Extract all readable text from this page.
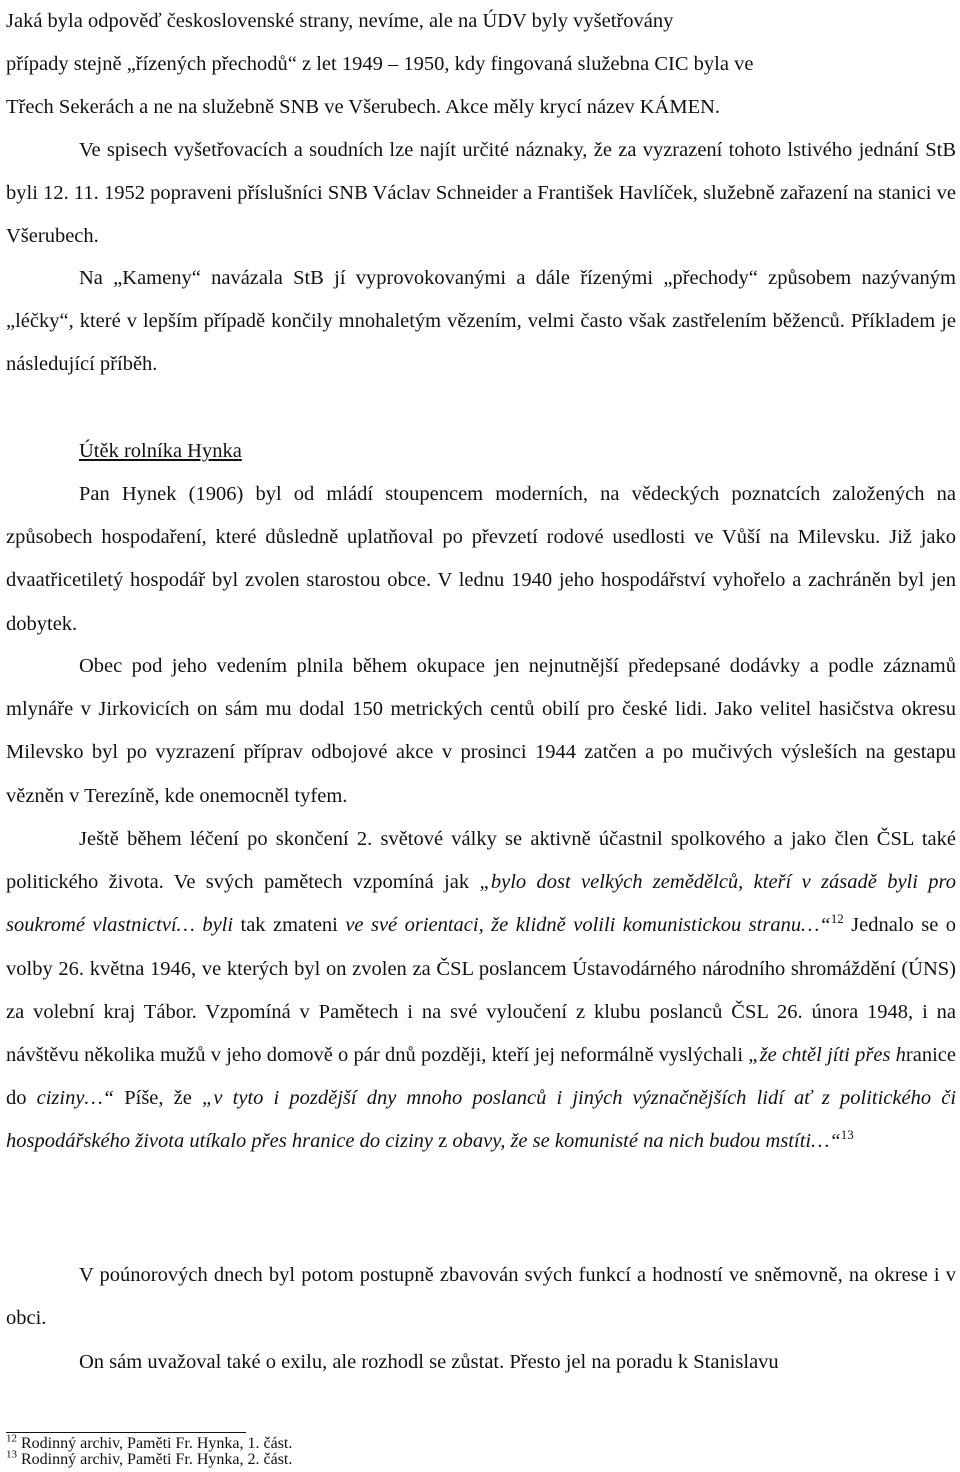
Jaká byla odpověď československé strany, nevíme, ale na ÚDV byly vyšetřovány
případy stejně „řízených přechodů“ z let 1949 – 1950, kdy fingovaná služebna CIC byla ve
Třech Sekerách a ne na služebně SNB ve Všerubech. Akce měly krycí název KÁMEN.

Ve spisech vyšetřovacích a soudních lze najít určité náznaky, že za vyzrazení tohoto lstivého jednání StB byli 12. 11. 1952 popraveni příslušníci SNB Václav Schneider a František Havlíček, služebně zařazení na stanici ve Všerubech.

Na „Kameny“ navázala StB jí vyprovokovanými a dále řízenými „přechody“ způsobem nazývaným „léčky“, které v lepším případě končily mnohaletým vězením, velmi často však zastřelením běženců. Příkladem je následující příběh.

Útěk rolníka Hynka

Pan Hynek (1906) byl od mládí stoupencem moderních, na vědeckých poznatcích založených na způsobech hospodaření, které důsledně uplatňoval po převzetí rodové usedlosti ve Vůší na Milevsku. Již jako dvaatřicetiletý hospodář byl zvolen starostou obce. V lednu 1940 jeho hospodářství vyhořelo a zachráněn byl jen dobytek.

Obec pod jeho vedením plnila během okupace jen nejnutnější předepsané dodávky a podle záznamů mlynáře v Jirkovicích on sám mu dodal 150 metrických centů obilí pro české lidi. Jako velitel hasičstva okresu Milevsko byl po vyzrazení příprav odbojové akce v prosinci 1944 zatčen a po mučivých výsleších na gestapu vězněn v Terezíně, kde onemocněl tyfem.

Ještě během léčení po skončení 2. světové války se aktivně účastnil spolkového a jako člen ČSL také politického života. Ve svých pamětech vzpomíná jak „bylo dost velkých zemědělců, kteří v zásadě byli pro soukromé vlastnictví… byli tak zmateni ve své orientaci, že klidně volili komunistickou stranu…“$^{12}$ Jednalo se o volby 26. května 1946, ve kterých byl on zvolen za ČSL poslancem Ústavodárného národního shromáždění (ÚNS) za volební kraj Tábor. Vzpomíná v Pamětech i na své vyloučení z klubu poslanců ČSL 26. února 1948, i na návštěvu několika mužů v jeho domově o pár dnů později, kteří jej neformálně vyslýchali „že chtěl jíti přes hranice do ciziny…“ Píše, že „v tyto i pozdější dny mnoho poslanců i jiných význačnějších lidí ať z politického či hospodářského života utíkalo přes hranice do ciziny z obavy, že se komunisté na nich budou mstíti…“$^{13}$

V poúnorových dnech byl potom postupně zbavován svých funkcí a hodností ve sněmovně, na okrese i v obci.

On sám uvažoval také o exilu, ale rozhodl se zůstat. Přesto jel na poradu k Stanislavu

$^{12}$ Rodinný archiv, Paměti Fr. Hynka, 1. část.
$^{13}$ Rodinný archiv, Paměti Fr. Hynka, 2. část.
